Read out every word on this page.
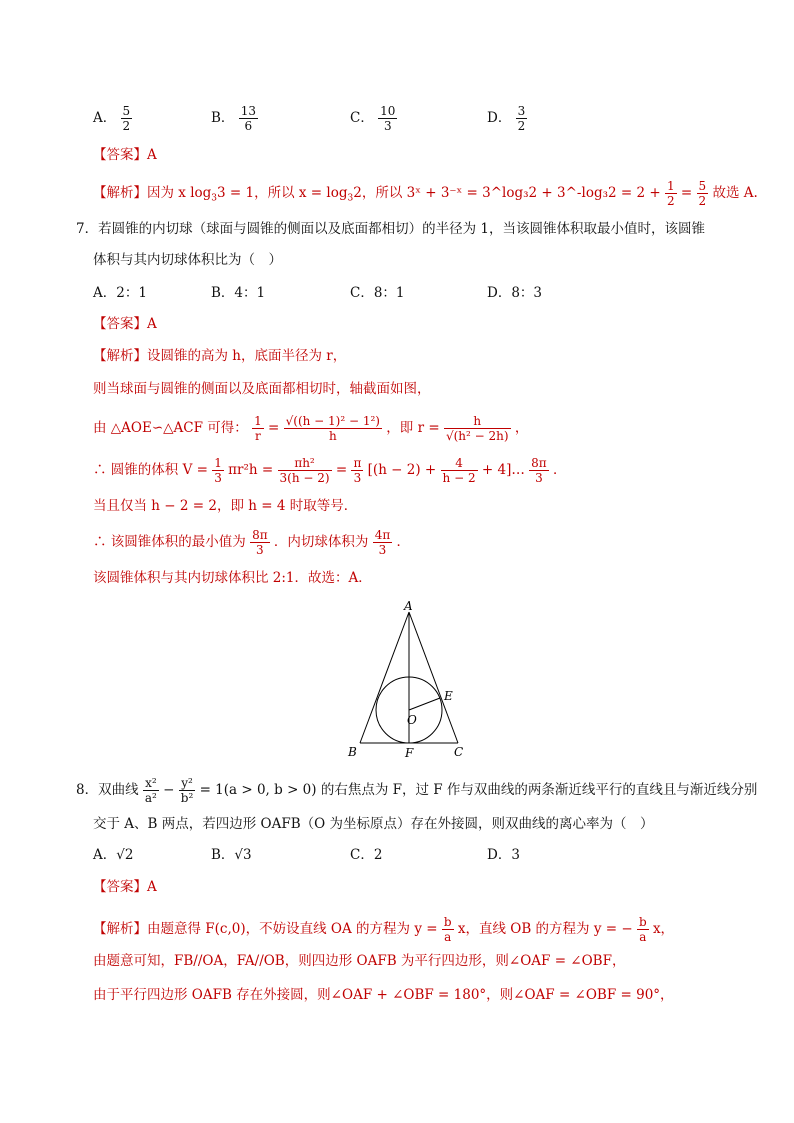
A． $\frac{5}{2}$	B． $\frac{13}{6}$	C． $\frac{10}{3}$	D． $\frac{3}{2}$
【答案】A
【解析】因为 x $\log_33 = 1$，所以 $x = \log_32$，所以 3ˣ + 3⁻ˣ = 3^log₃2 + 3^-log₃2 = $2 + \frac{1}{2} = \frac{5}{2}$ 故选 A.
7．若圆锥的内切球（球面与圆锥的侧面以及底面都相切）的半径为 1，当该圆锥体积取最小值时，该圆锥
体积与其内切球体积比为（　）
A．2：1	B．4：1	C．8：1	D．8：3
【答案】A
【解析】设圆锥的高为 h，底面半径为 r，
则当球面与圆锥的侧面以及底面都相切时，轴截面如图，
由 △AOE∽△ACF 可得： $\frac{1}{r} = \frac{\text{√((h − 1)² − 1²)}}{h}$ ，即 $r = \frac{h}{\text{√(h² − 2h)}}$ ，
∴ 圆锥的体积 $V = \frac{1}{3} \pi r^2h = \frac{\text{πh²}}{3(h - 2)} = \frac{\pi}{3} [(h - 2) + \frac{4}{h - 2}$ + 4]… $\frac{8\pi}{3}$ ．
当且仅当 h − 2 = 2，即 h = 4 时取等号．
∴ 该圆锥体积的最小值为 $\frac{8\pi}{3}$ ．内切球体积为 $\frac{4\pi}{3}$ ．
该圆锥体积与其内切球体积比 2:1．故选：A．
A
B	C
E
F
O
8．双曲线 $\frac{\text{x²}}{\text{a²}} - \frac{\text{y²}}{\text{b²}} = 1(a > 0$, b > 0) 的右焦点为 F，过 F 作与双曲线的两条渐近线平行的直线且与渐近线分别
交于 A、B 两点，若四边形 OAFB（O 为坐标原点）存在外接圆，则双曲线的离心率为（　）
A．√2	B．√3	C．2	D．3
【答案】A
【解析】由题意得 F(c,0)，不妨设直线 OA 的方程为 $y = \frac{b}{a}$ x，直线 OB 的方程为 y = − $\frac{b}{a}$ x，
由题意可知，FB//OA，FA//OB，则四边形 OAFB 为平行四边形，则∠OAF = ∠OBF，
由于平行四边形 OAFB 存在外接圆，则∠OAF + ∠OBF = 180°，则∠OAF = ∠OBF = 90°，
